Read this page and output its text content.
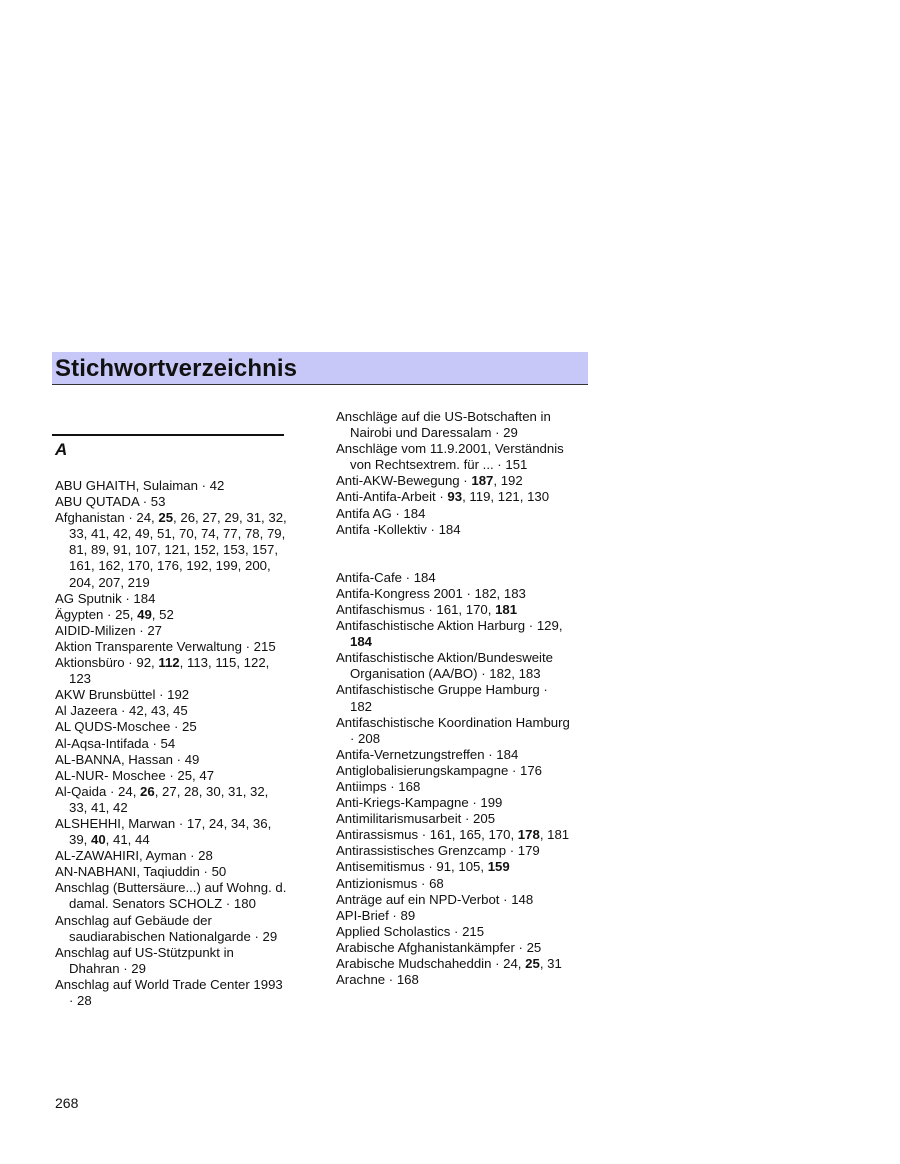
Stichwortverzeichnis
A
ABU GHAITH, Sulaiman · 42
ABU QUTADA · 53
Afghanistan · 24, 25, 26, 27, 29, 31, 32, 33, 41, 42, 49, 51, 70, 74, 77, 78, 79, 81, 89, 91, 107, 121, 152, 153, 157, 161, 162, 170, 176, 192, 199, 200, 204, 207, 219
AG Sputnik · 184
Ägypten · 25, 49, 52
AIDID-Milizen · 27
Aktion Transparente Verwaltung · 215
Aktionsbüro · 92, 112, 113, 115, 122, 123
AKW Brunsbüttel · 192
Al Jazeera · 42, 43, 45
AL QUDS-Moschee · 25
Al-Aqsa-Intifada · 54
AL-BANNA, Hassan · 49
AL-NUR- Moschee · 25, 47
Al-Qaida · 24, 26, 27, 28, 30, 31, 32, 33, 41, 42
ALSHEHHI, Marwan · 17, 24, 34, 36, 39, 40, 41, 44
AL-ZAWAHIRI, Ayman · 28
AN-NABHANI, Taqiuddin · 50
Anschlag (Buttersäure...) auf Wohng. d. damal. Senators SCHOLZ · 180
Anschlag auf Gebäude der saudiarabischen Nationalgarde · 29
Anschlag auf US-Stützpunkt in Dhahran · 29
Anschlag auf World Trade Center 1993 · 28
Anschläge auf die US-Botschaften in Nairobi und Daressalam · 29
Anschläge vom 11.9.2001, Verständnis von Rechtsextrem. für ... · 151
Anti-AKW-Bewegung · 187, 192
Anti-Antifa-Arbeit · 93, 119, 121, 130
Antifa AG · 184
Antifa -Kollektiv · 184
Antifa-Cafe · 184
Antifa-Kongress 2001 · 182, 183
Antifaschismus · 161, 170, 181
Antifaschistische Aktion Harburg · 129, 184
Antifaschistische Aktion/Bundesweite Organisation (AA/BO) · 182, 183
Antifaschistische Gruppe Hamburg · 182
Antifaschistische Koordination Hamburg · 208
Antifa-Vernetzungstreffen · 184
Antiglobalisierungskampagne · 176
Antiimps · 168
Anti-Kriegs-Kampagne · 199
Antimilitarismusarbeit · 205
Antirassismus · 161, 165, 170, 178, 181
Antirassistisches Grenzcamp · 179
Antisemitismus · 91, 105, 159
Antizionismus · 68
Anträge auf ein NPD-Verbot · 148
API-Brief · 89
Applied Scholastics · 215
Arabische Afghanistankämpfer · 25
Arabische Mudschaheddin · 24, 25, 31
Arachne · 168
268
